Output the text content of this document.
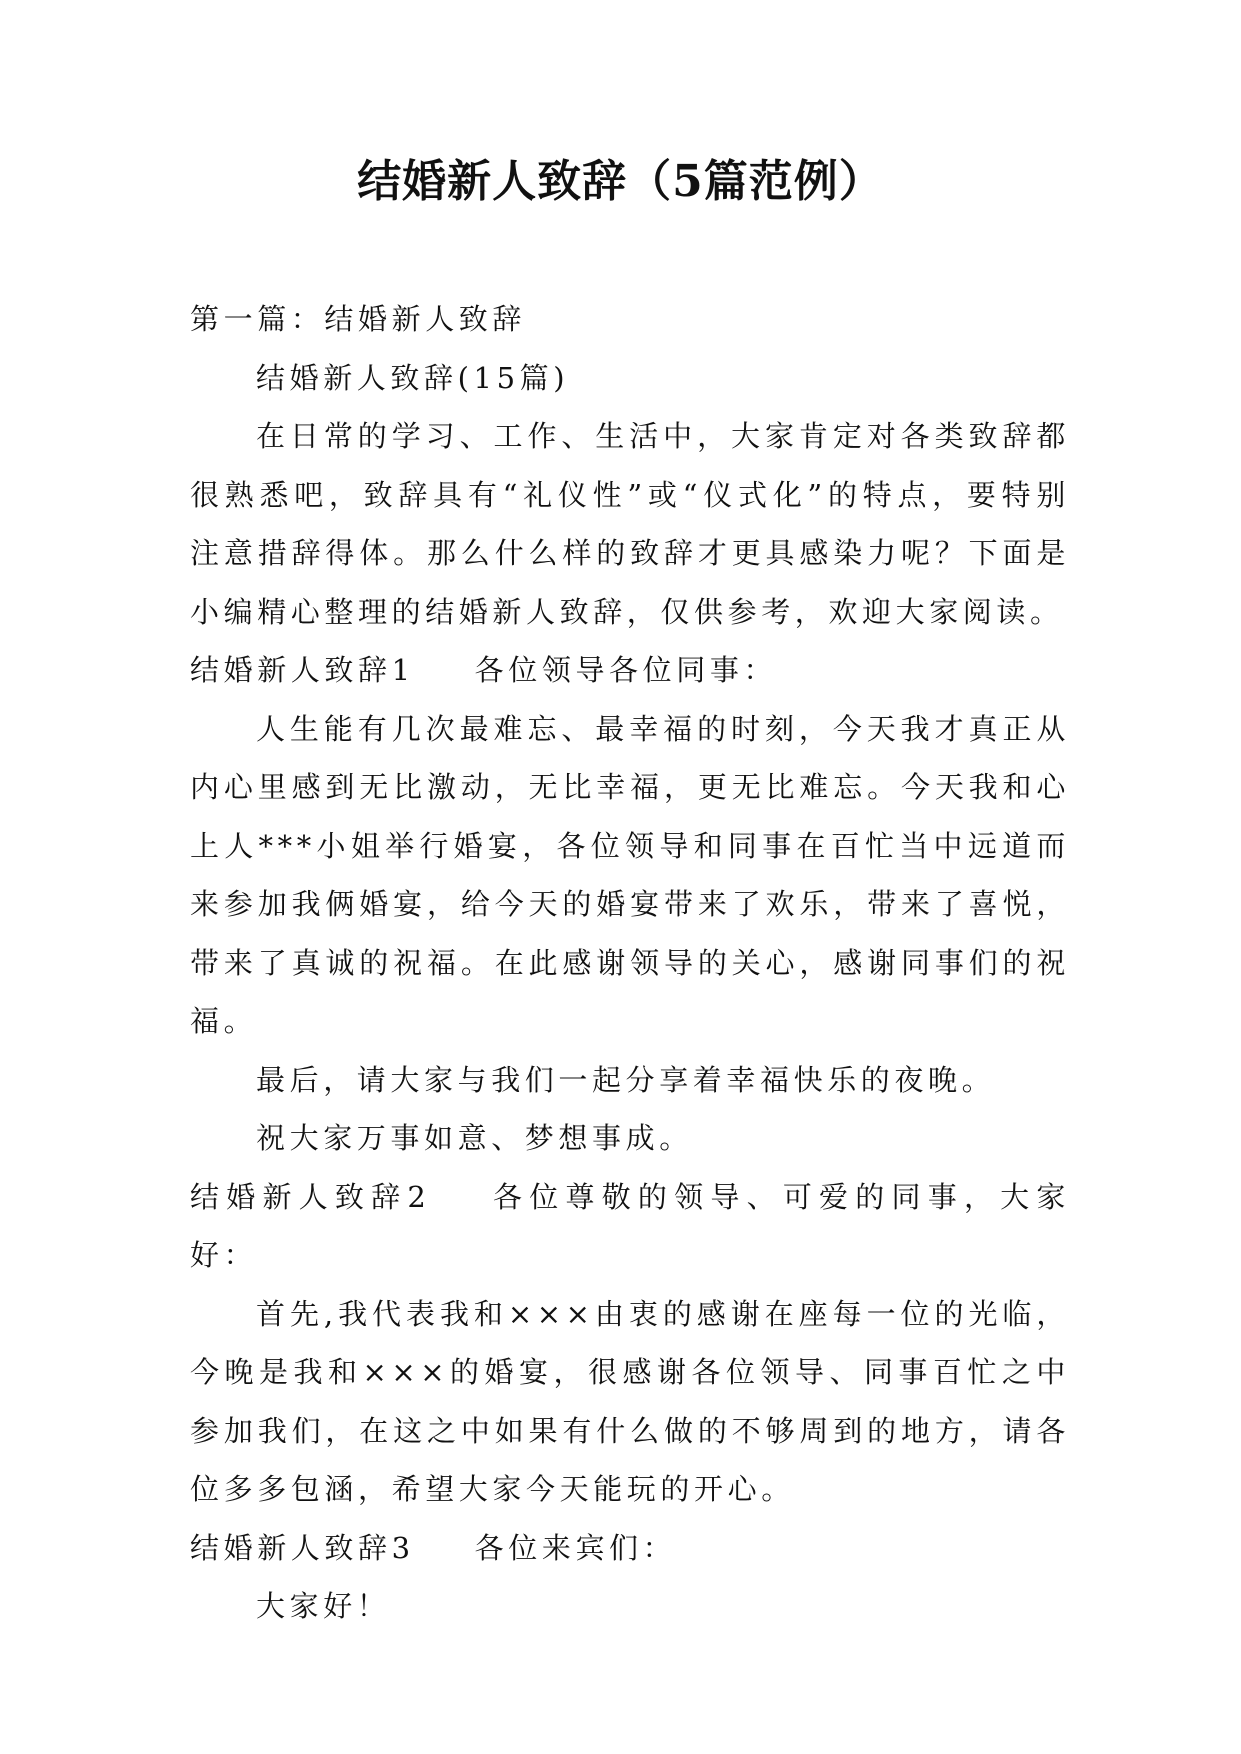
结婚新人致辞（5篇范例）

第一篇：结婚新人致辞

结婚新人致辞(15篇)

在日常的学习、工作、生活中，大家肯定对各类致辞都很熟悉吧，致辞具有“礼仪性”或“仪式化”的特点，要特别注意措辞得体。那么什么样的致辞才更具感染力呢？下面是小编精心整理的结婚新人致辞，仅供参考，欢迎大家阅读。

结婚新人致辞1 各位领导各位同事：

人生能有几次最难忘、最幸福的时刻，今天我才真正从内心里感到无比激动，无比幸福，更无比难忘。今天我和心上人***小姐举行婚宴，各位领导和同事在百忙当中远道而来参加我俩婚宴，给今天的婚宴带来了欢乐，带来了喜悦，带来了真诚的祝福。在此感谢领导的关心，感谢同事们的祝福。

最后，请大家与我们一起分享着幸福快乐的夜晚。

祝大家万事如意、梦想事成。

结婚新人致辞2 各位尊敬的领导、可爱的同事，大家好：

首先,我代表我和×××由衷的感谢在座每一位的光临，今晚是我和×××的婚宴，很感谢各位领导、同事百忙之中参加我们，在这之中如果有什么做的不够周到的地方，请各位多多包涵，希望大家今天能玩的开心。

结婚新人致辞3 各位来宾们：

大家好！
